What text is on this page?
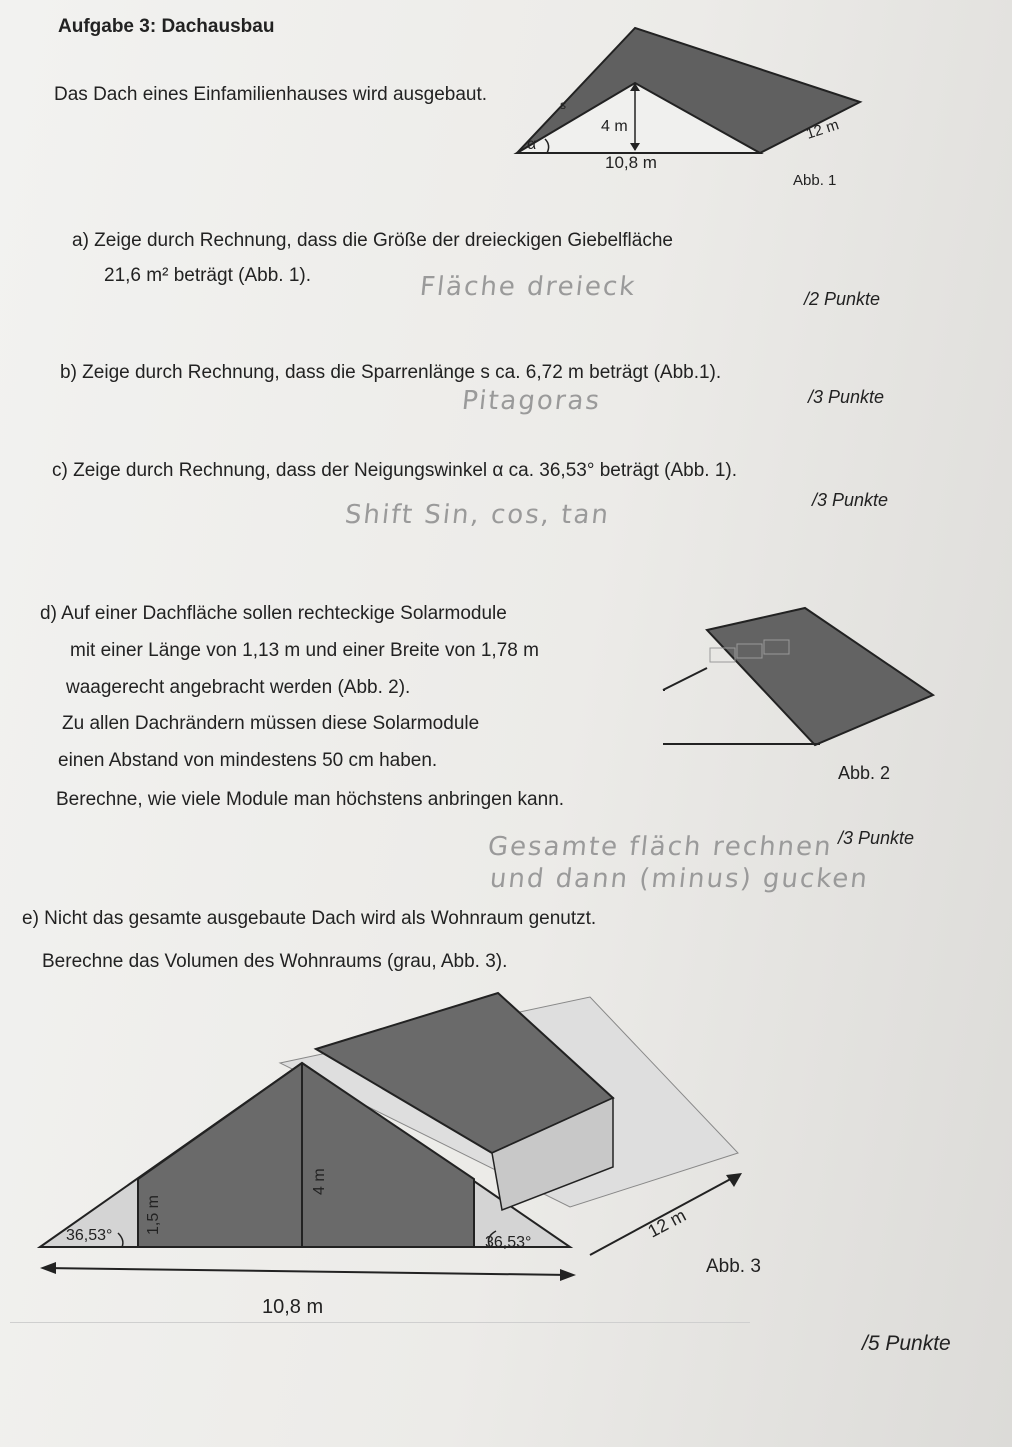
Aufgabe 3: Dachausbau
Das Dach eines Einfamilienhauses wird ausgebaut.
4 m
10,8 m
s
α
12 m
Abb. 1
a) Zeige durch Rechnung, dass die Größe der dreieckigen Giebelfläche
21,6 m² beträgt (Abb. 1).	Fläche dreieck	/2 Punkte
b) Zeige durch Rechnung, dass die Sparrenlänge s ca. 6,72 m beträgt (Abb.1).
Pitagoras	/3 Punkte
c) Zeige durch Rechnung, dass der Neigungswinkel α ca. 36,53° beträgt (Abb. 1).
/3 Punkte
Shift Sin, cos, tan
d) Auf einer Dachfläche sollen rechteckige Solarmodule
mit einer Länge von 1,13 m und einer Breite von 1,78 m
waagerecht angebracht werden (Abb. 2).
Zu allen Dachrändern müssen diese Solarmodule
einen Abstand von mindestens 50 cm haben.
Berechne, wie viele Module man höchstens anbringen kann.
Abb. 2
/3 Punkte
Gesamte fläch rechnen
und dann (minus) gucken
e) Nicht das gesamte ausgebaute Dach wird als Wohnraum genutzt.
Berechne das Volumen des Wohnraums (grau, Abb. 3).
36,53°	36,53°
1,5 m
4 m
12 m
10,8 m
Abb. 3
/5 Punkte
